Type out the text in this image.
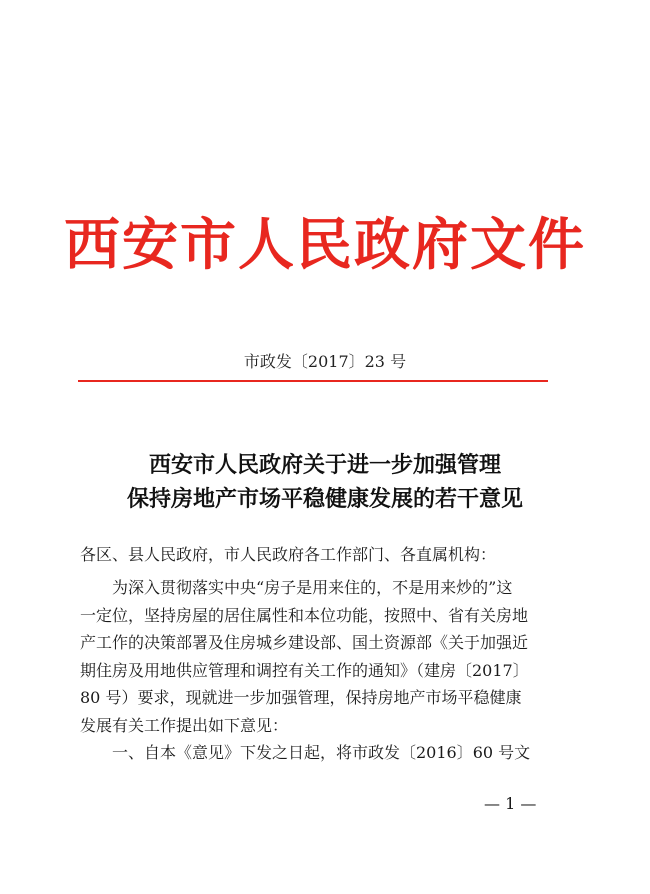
西安市人民政府文件
市政发〔2017〕23 号
西安市人民政府关于进一步加强管理
保持房地产市场平稳健康发展的若干意见
各区、县人民政府，市人民政府各工作部门、各直属机构：
　　为深入贯彻落实中央“房子是用来住的，不是用来炒的”这
一定位，坚持房屋的居住属性和本位功能，按照中、省有关房地
产工作的决策部署及住房城乡建设部、国土资源部《关于加强近
期住房及用地供应管理和调控有关工作的通知》（建房〔2017〕
80 号）要求，现就进一步加强管理，保持房地产市场平稳健康
发展有关工作提出如下意见：
　　一、自本《意见》下发之日起，将市政发〔2016〕60 号文
— 1 —
